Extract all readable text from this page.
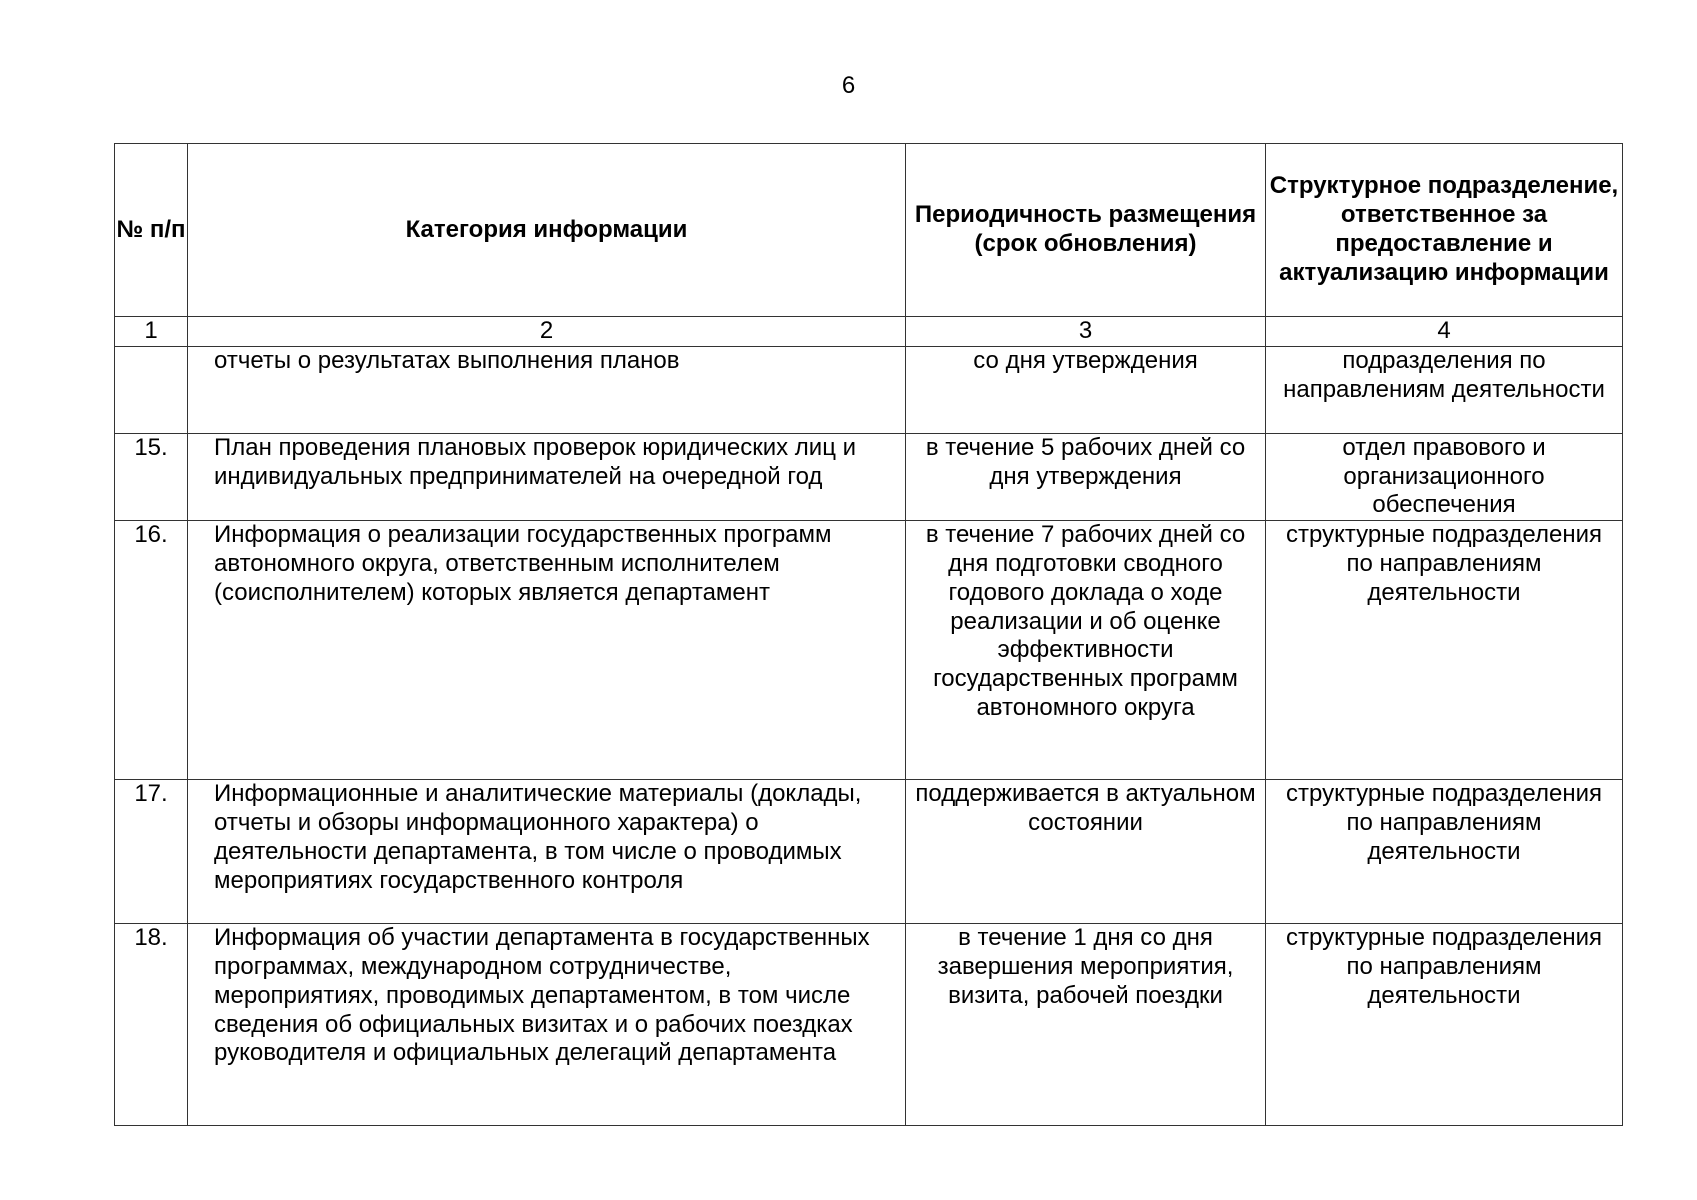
6
№ п/п	Категория информации	Периодичность размещения (срок обновления)	Структурное подразделение, ответственное за предоставление и актуализацию информации
1	2	3	4
	отчеты о результатах выполнения планов	со дня утверждения	подразделения по направлениям деятельности
15.	План проведения плановых проверок юридических лиц и индивидуальных предпринимателей на очередной год	в течение 5 рабочих дней со дня утверждения	отдел правового и организационного обеспечения
16.	Информация о реализации государственных программ автономного округа, ответственным исполнителем (соисполнителем) которых является департамент	в течение 7 рабочих дней со дня подготовки сводного годового доклада о ходе реализации и об оценке эффективности государственных программ автономного округа	структурные подразделения по направлениям деятельности
17.	Информационные и аналитические материалы (доклады, отчеты и обзоры информационного характера) о деятельности департамента, в том числе о проводимых мероприятиях государственного контроля	поддерживается в актуальном состоянии	структурные подразделения по направлениям деятельности
18.	Информация об участии департамента в государственных программах, международном сотрудничестве, мероприятиях, проводимых департаментом, в том числе сведения об официальных визитах и о рабочих поездках руководителя и официальных делегаций департамента	в течение 1 дня со дня завершения мероприятия, визита, рабочей поездки	структурные подразделения по направлениям деятельности
